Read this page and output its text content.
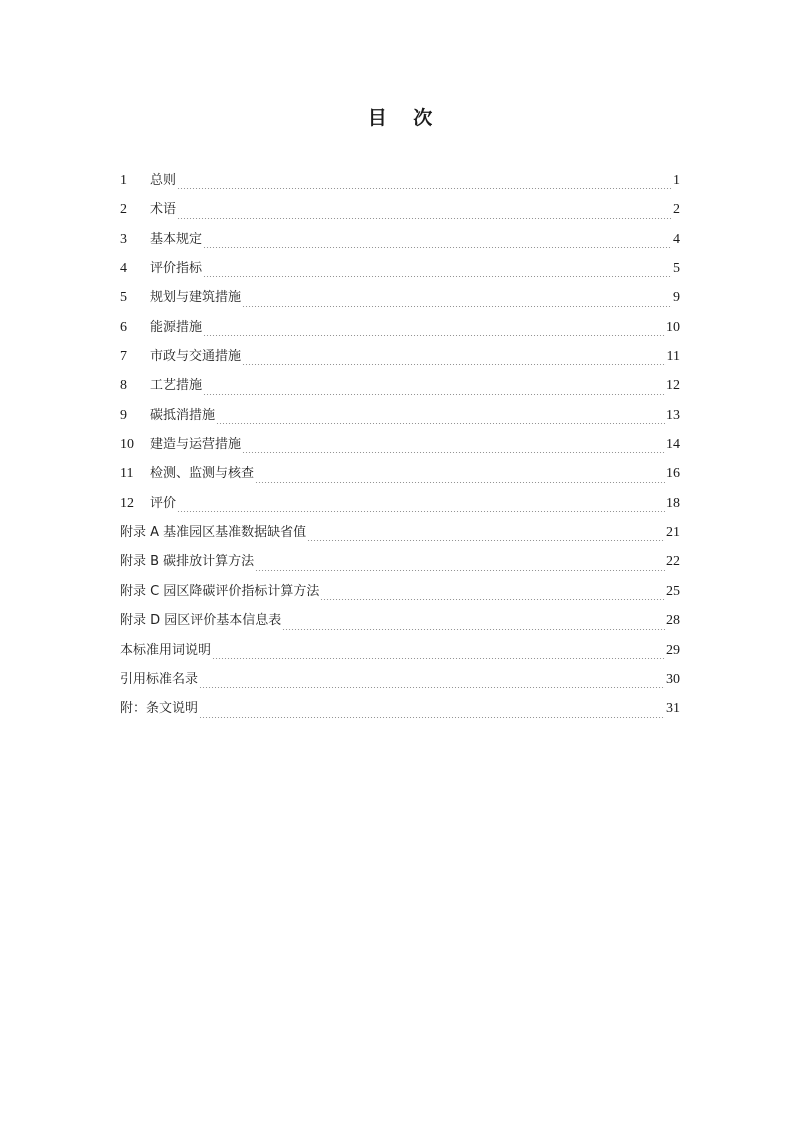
目 次
1	总则	1
2	术语	2
3	基本规定	4
4	评价指标	5
5	规划与建筑措施	9
6	能源措施	10
7	市政与交通措施	11
8	工艺措施	12
9	碳抵消措施	13
10	建造与运营措施	14
11	检测、监测与核查	16
12	评价	18
附录 A 基准园区基准数据缺省值	21
附录 B 碳排放计算方法	22
附录 C 园区降碳评价指标计算方法	25
附录 D 园区评价基本信息表	28
本标准用词说明	29
引用标准名录	30
附：条文说明	31
